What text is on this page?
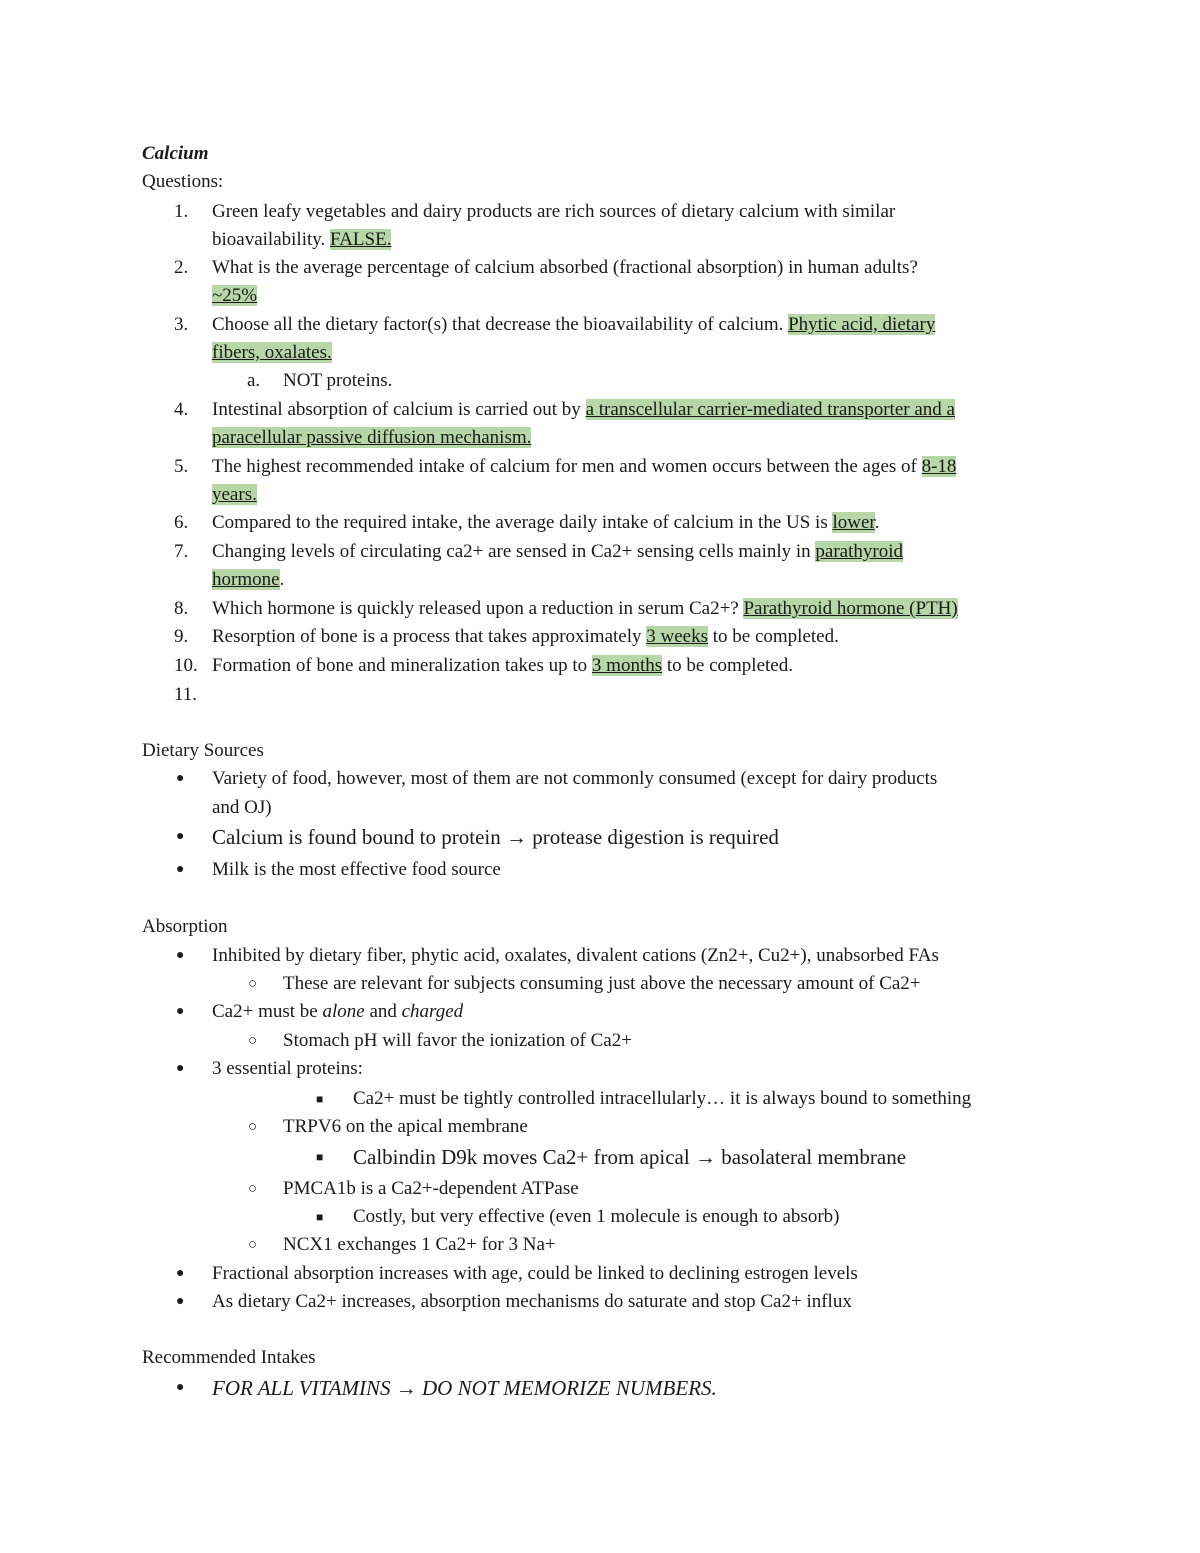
Calcium
Questions:
1.	Green leafy vegetables and dairy products are rich sources of dietary calcium with similar
bioavailability. FALSE.
2.	What is the average percentage of calcium absorbed (fractional absorption) in human adults?
~25%
3.	Choose all the dietary factor(s) that decrease the bioavailability of calcium. Phytic acid, dietary
fibers, oxalates.
a. NOT proteins.
4.	Intestinal absorption of calcium is carried out by a transcellular carrier-mediated transporter and a
paracellular passive diffusion mechanism.
5.	The highest recommended intake of calcium for men and women occurs between the ages of 8-18
years.
6.	Compared to the required intake, the average daily intake of calcium in the US is lower.
7.	Changing levels of circulating ca2+ are sensed in Ca2+ sensing cells mainly in parathyroid
hormone.
8.	Which hormone is quickly released upon a reduction in serum Ca2+? Parathyroid hormone (PTH)
9.	Resorption of bone is a process that takes approximately 3 weeks to be completed.
10. Formation of bone and mineralization takes up to 3 months to be completed.
11.
Dietary Sources
● Variety of food, however, most of them are not commonly consumed (except for dairy products
and OJ)
● Calcium is found bound to protein → protease digestion is required
● Milk is the most effective food source
Absorption
● Inhibited by dietary fiber, phytic acid, oxalates, divalent cations (Zn2+, Cu2+), unabsorbed FAs
○ These are relevant for subjects consuming just above the necessary amount of Ca2+
● Ca2+ must be alone and charged
○ Stomach pH will favor the ionization of Ca2+
● 3 essential proteins:
■ Ca2+ must be tightly controlled intracellularly… it is always bound to something
○ TRPV6 on the apical membrane
■ Calbindin D9k moves Ca2+ from apical → basolateral membrane
○ PMCA1b is a Ca2+-dependent ATPase
■ Costly, but very effective (even 1 molecule is enough to absorb)
○ NCX1 exchanges 1 Ca2+ for 3 Na+
● Fractional absorption increases with age, could be linked to declining estrogen levels
● As dietary Ca2+ increases, absorption mechanisms do saturate and stop Ca2+ influx
Recommended Intakes
● FOR ALL VITAMINS → DO NOT MEMORIZE NUMBERS.
